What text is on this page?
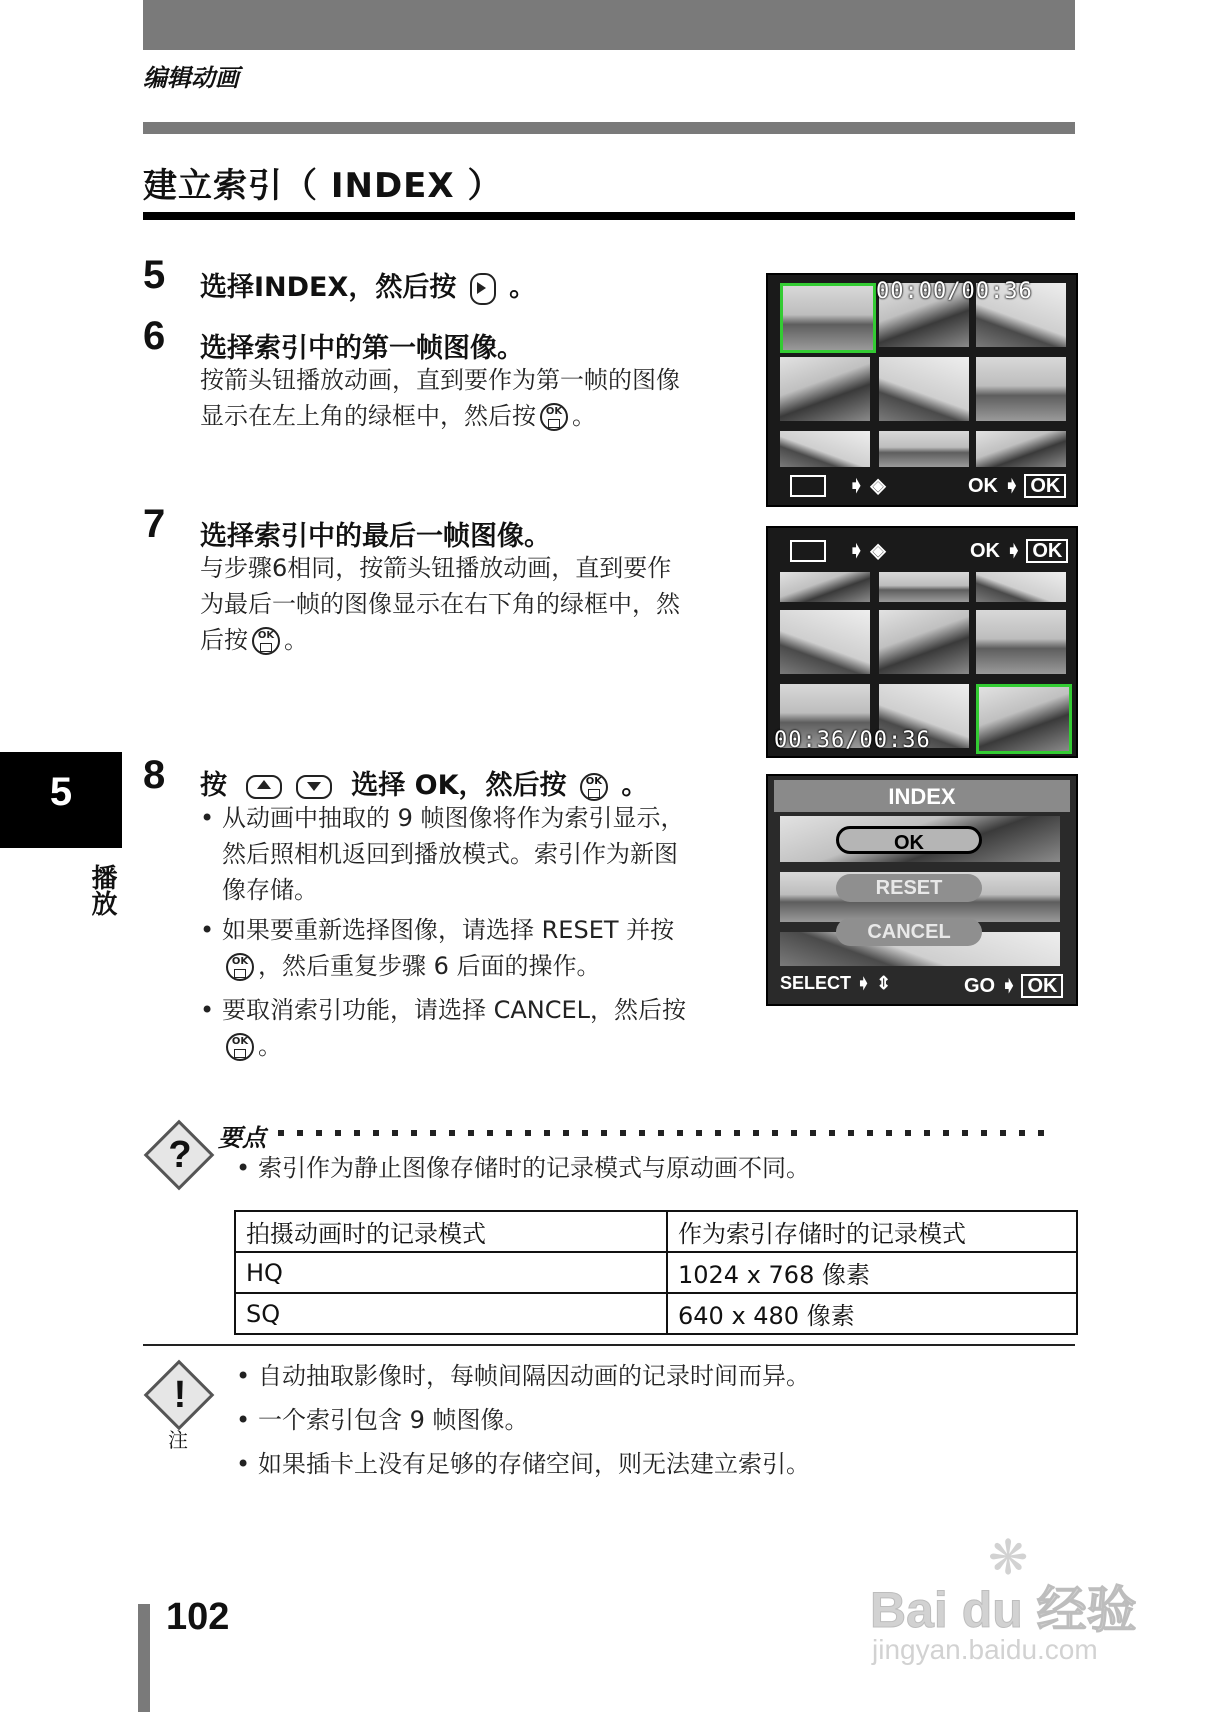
编辑动画
建立索引（ INDEX ）
5 选择INDEX，然后按 。
6 选择索引中的第一帧图像。
按箭头钮播放动画，直到要作为第一帧的图像
显示在左上角的绿框中，然后按 OK 。
7 选择索引中的最后一帧图像。
与步骤6相同，按箭头钮播放动画，直到要作
为最后一帧的图像显示在右下角的绿框中，然
后按 OK 。
8 按
	选择 OK，然后按 OK 。
• 从动画中抽取的 9 帧图像将作为索引显示，
然后照相机返回到播放模式。索引作为新图
像存储。
• 如果要重新选择图像，请选择 RESET 并按
OK ，然后重复步骤 6 后面的操作。
• 要取消索引功能，请选择 CANCEL，然后按
OK 。
00:00/00:36
➧ ◈	OK ➧ OK
➧ ◈	OK ➧ OK
00:36/00:36
INDEX
OK
RESET
CANCEL
SELECT ➧ ⇕	GO ➧ OK
5
播放
? 要点
• 索引作为静止图像存储时的记录模式与原动画不同。
拍摄动画时的记录模式	作为索引存储时的记录模式
HQ	1024 x 768 像素
SQ	640 x 480 像素
!
注
• 自动抽取影像时，每帧间隔因动画的记录时间而异。
• 一个索引包含 9 帧图像。
• 如果插卡上没有足够的存储空间，则无法建立索引。
102
❋
Bai du 经验
jingyan.baidu.com
